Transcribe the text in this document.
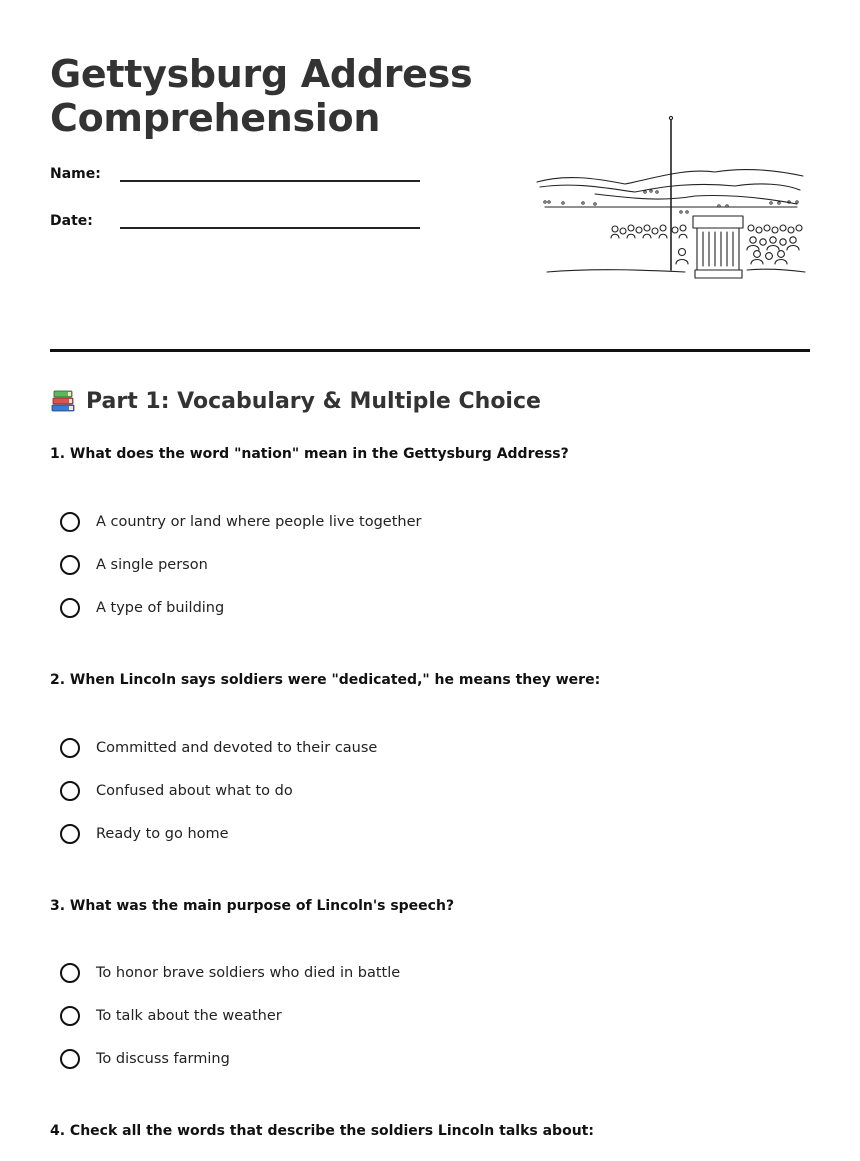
Gettysburg Address
Comprehension
Name:
Date:
Part 1: Vocabulary & Multiple Choice
1. What does the word "nation" mean in the Gettysburg Address?
A country or land where people live together
A single person
A type of building
2. When Lincoln says soldiers were "dedicated," he means they were:
Committed and devoted to their cause
Confused about what to do
Ready to go home
3. What was the main purpose of Lincoln's speech?
To honor brave soldiers who died in battle
To talk about the weather
To discuss farming
4. Check all the words that describe the soldiers Lincoln talks about:
